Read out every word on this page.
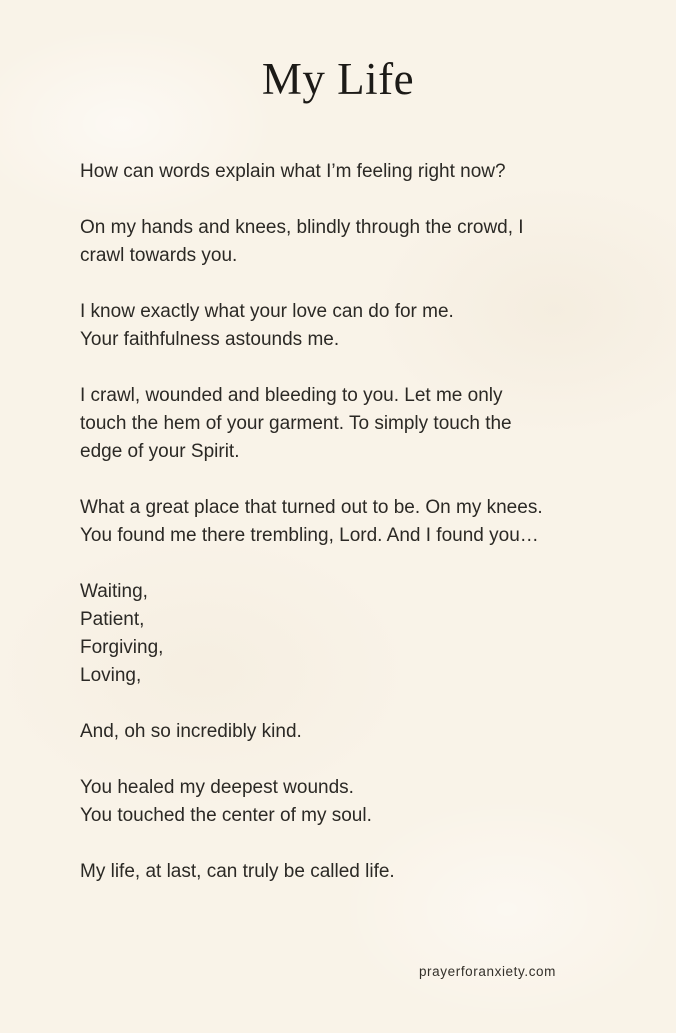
My Life
How can words explain what I’m feeling right now?
On my hands and knees, blindly through the crowd, I
crawl towards you.
I know exactly what your love can do for me.
Your faithfulness astounds me.
I crawl, wounded and bleeding to you. Let me only
touch the hem of your garment. To simply touch the
edge of your Spirit.
What a great place that turned out to be. On my knees.
You found me there trembling, Lord. And I found you…
Waiting,
Patient,
Forgiving,
Loving,
And, oh so incredibly kind.
You healed my deepest wounds.
You touched the center of my soul.
My life, at last, can truly be called life.
prayerforanxiety.com
